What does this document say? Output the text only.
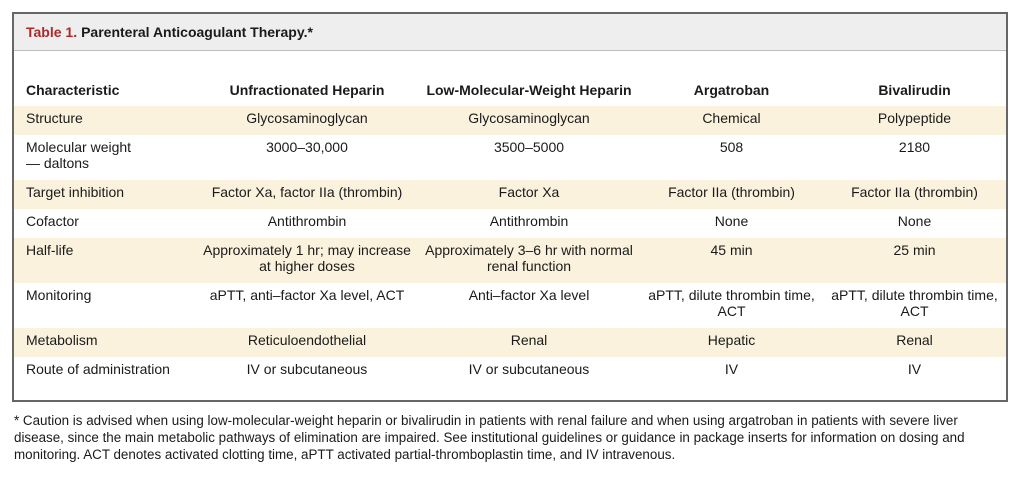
Table 1. Parenteral Anticoagulant Therapy.*
Characteristic	Unfractionated Heparin	Low-Molecular-Weight Heparin	Argatroban	Bivalirudin
Structure	Glycosaminoglycan	Glycosaminoglycan	Chemical	Polypeptide
Molecular weight — daltons	3000–30,000	3500–5000	508	2180
Target inhibition	Factor Xa, factor IIa (thrombin)	Factor Xa	Factor IIa (thrombin)	Factor IIa (thrombin)
Cofactor	Antithrombin	Antithrombin	None	None
Half-life	Approximately 1 hr; may increase at higher doses	Approximately 3–6 hr with normal renal function	45 min	25 min
Monitoring	aPTT, anti–factor Xa level, ACT	Anti–factor Xa level	aPTT, dilute thrombin time, ACT	aPTT, dilute thrombin time, ACT
Metabolism	Reticuloendothelial	Renal	Hepatic	Renal
Route of administration	IV or subcutaneous	IV or subcutaneous	IV	IV
* Caution is advised when using low-molecular-weight heparin or bivalirudin in patients with renal failure and when using argatroban in patients with severe liver disease, since the main metabolic pathways of elimination are impaired. See institutional guidelines or guidance in package inserts for information on dosing and monitoring. ACT denotes activated clotting time, aPTT activated partial-thromboplastin time, and IV intravenous.
